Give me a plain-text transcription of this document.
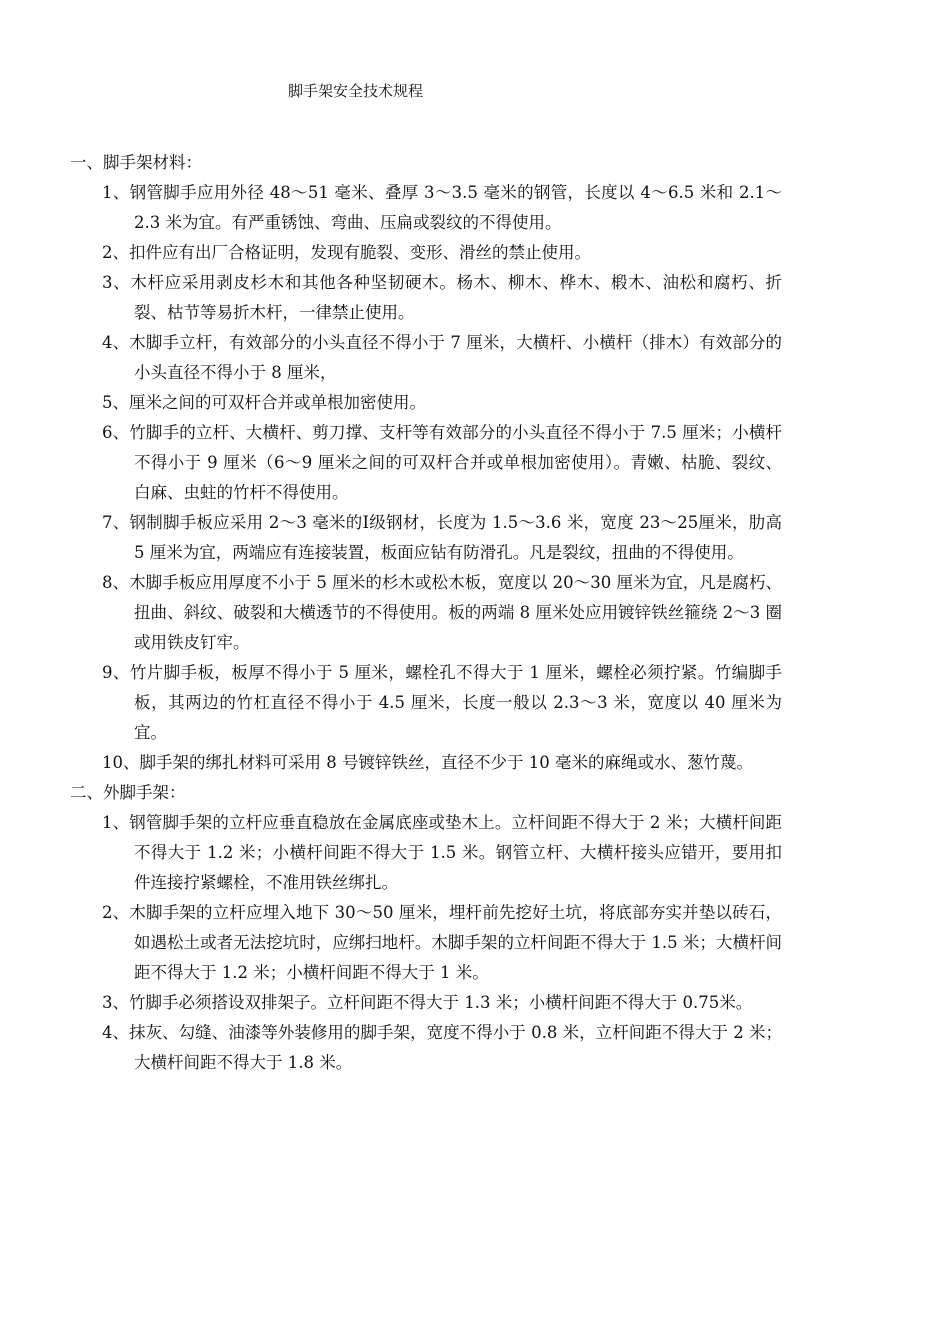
脚手架安全技术规程

一、脚手架材料：

1、钢管脚手应用外径 48～51 毫米、叠厚 3～3.5 毫米的钢管，长度以 4～6.5 米和 2.1～2.3 米为宜。有严重锈蚀、弯曲、压扁或裂纹的不得使用。

2、扣件应有出厂合格证明，发现有脆裂、变形、滑丝的禁止使用。

3、木杆应采用剥皮杉木和其他各种坚韧硬木。杨木、柳木、桦木、椴木、油松和腐朽、折裂、枯节等易折木杆，一律禁止使用。

4、木脚手立杆，有效部分的小头直径不得小于 7 厘米，大横杆、小横杆（排木）有效部分的小头直径不得小于 8 厘米，

5、厘米之间的可双杆合并或单根加密使用。

6、竹脚手的立杆、大横杆、剪刀撑、支杆等有效部分的小头直径不得小于 7.5 厘米；小横杆不得小于 9 厘米（6～9 厘米之间的可双杆合并或单根加密使用）。青嫩、枯脆、裂纹、白麻、虫蛀的竹杆不得使用。

7、钢制脚手板应采用 2～3 毫米的Ⅰ级钢材，长度为 1.5～3.6 米，宽度 23～25厘米，肋高 5 厘米为宜，两端应有连接装置，板面应钻有防滑孔。凡是裂纹，扭曲的不得使用。

8、木脚手板应用厚度不小于 5 厘米的杉木或松木板，宽度以 20～30 厘米为宜，凡是腐朽、扭曲、斜纹、破裂和大横透节的不得使用。板的两端 8 厘米处应用镀锌铁丝箍绕 2～3 圈或用铁皮钉牢。

9、竹片脚手板，板厚不得小于 5 厘米，螺栓孔不得大于 1 厘米，螺栓必须拧紧。竹编脚手板，其两边的竹杠直径不得小于 4.5 厘米，长度一般以 2.3～3 米，宽度以 40 厘米为宜。

10、脚手架的绑扎材料可采用 8 号镀锌铁丝，直径不少于 10 毫米的麻绳或水、葱竹蔑。

二、外脚手架：

1、钢管脚手架的立杆应垂直稳放在金属底座或垫木上。立杆间距不得大于 2 米；大横杆间距不得大于 1.2 米；小横杆间距不得大于 1.5 米。钢管立杆、大横杆接头应错开，要用扣件连接拧紧螺栓，不准用铁丝绑扎。

2、木脚手架的立杆应埋入地下 30～50 厘米，埋杆前先挖好土坑，将底部夯实并垫以砖石，如遇松土或者无法挖坑时，应绑扫地杆。木脚手架的立杆间距不得大于 1.5 米；大横杆间距不得大于 1.2 米；小横杆间距不得大于 1 米。

3、竹脚手必须搭设双排架子。立杆间距不得大于 1.3 米；小横杆间距不得大于 0.75米。

4、抹灰、勾缝、油漆等外装修用的脚手架，宽度不得小于 0.8 米，立杆间距不得大于 2 米；大横杆间距不得大于 1.8 米。
